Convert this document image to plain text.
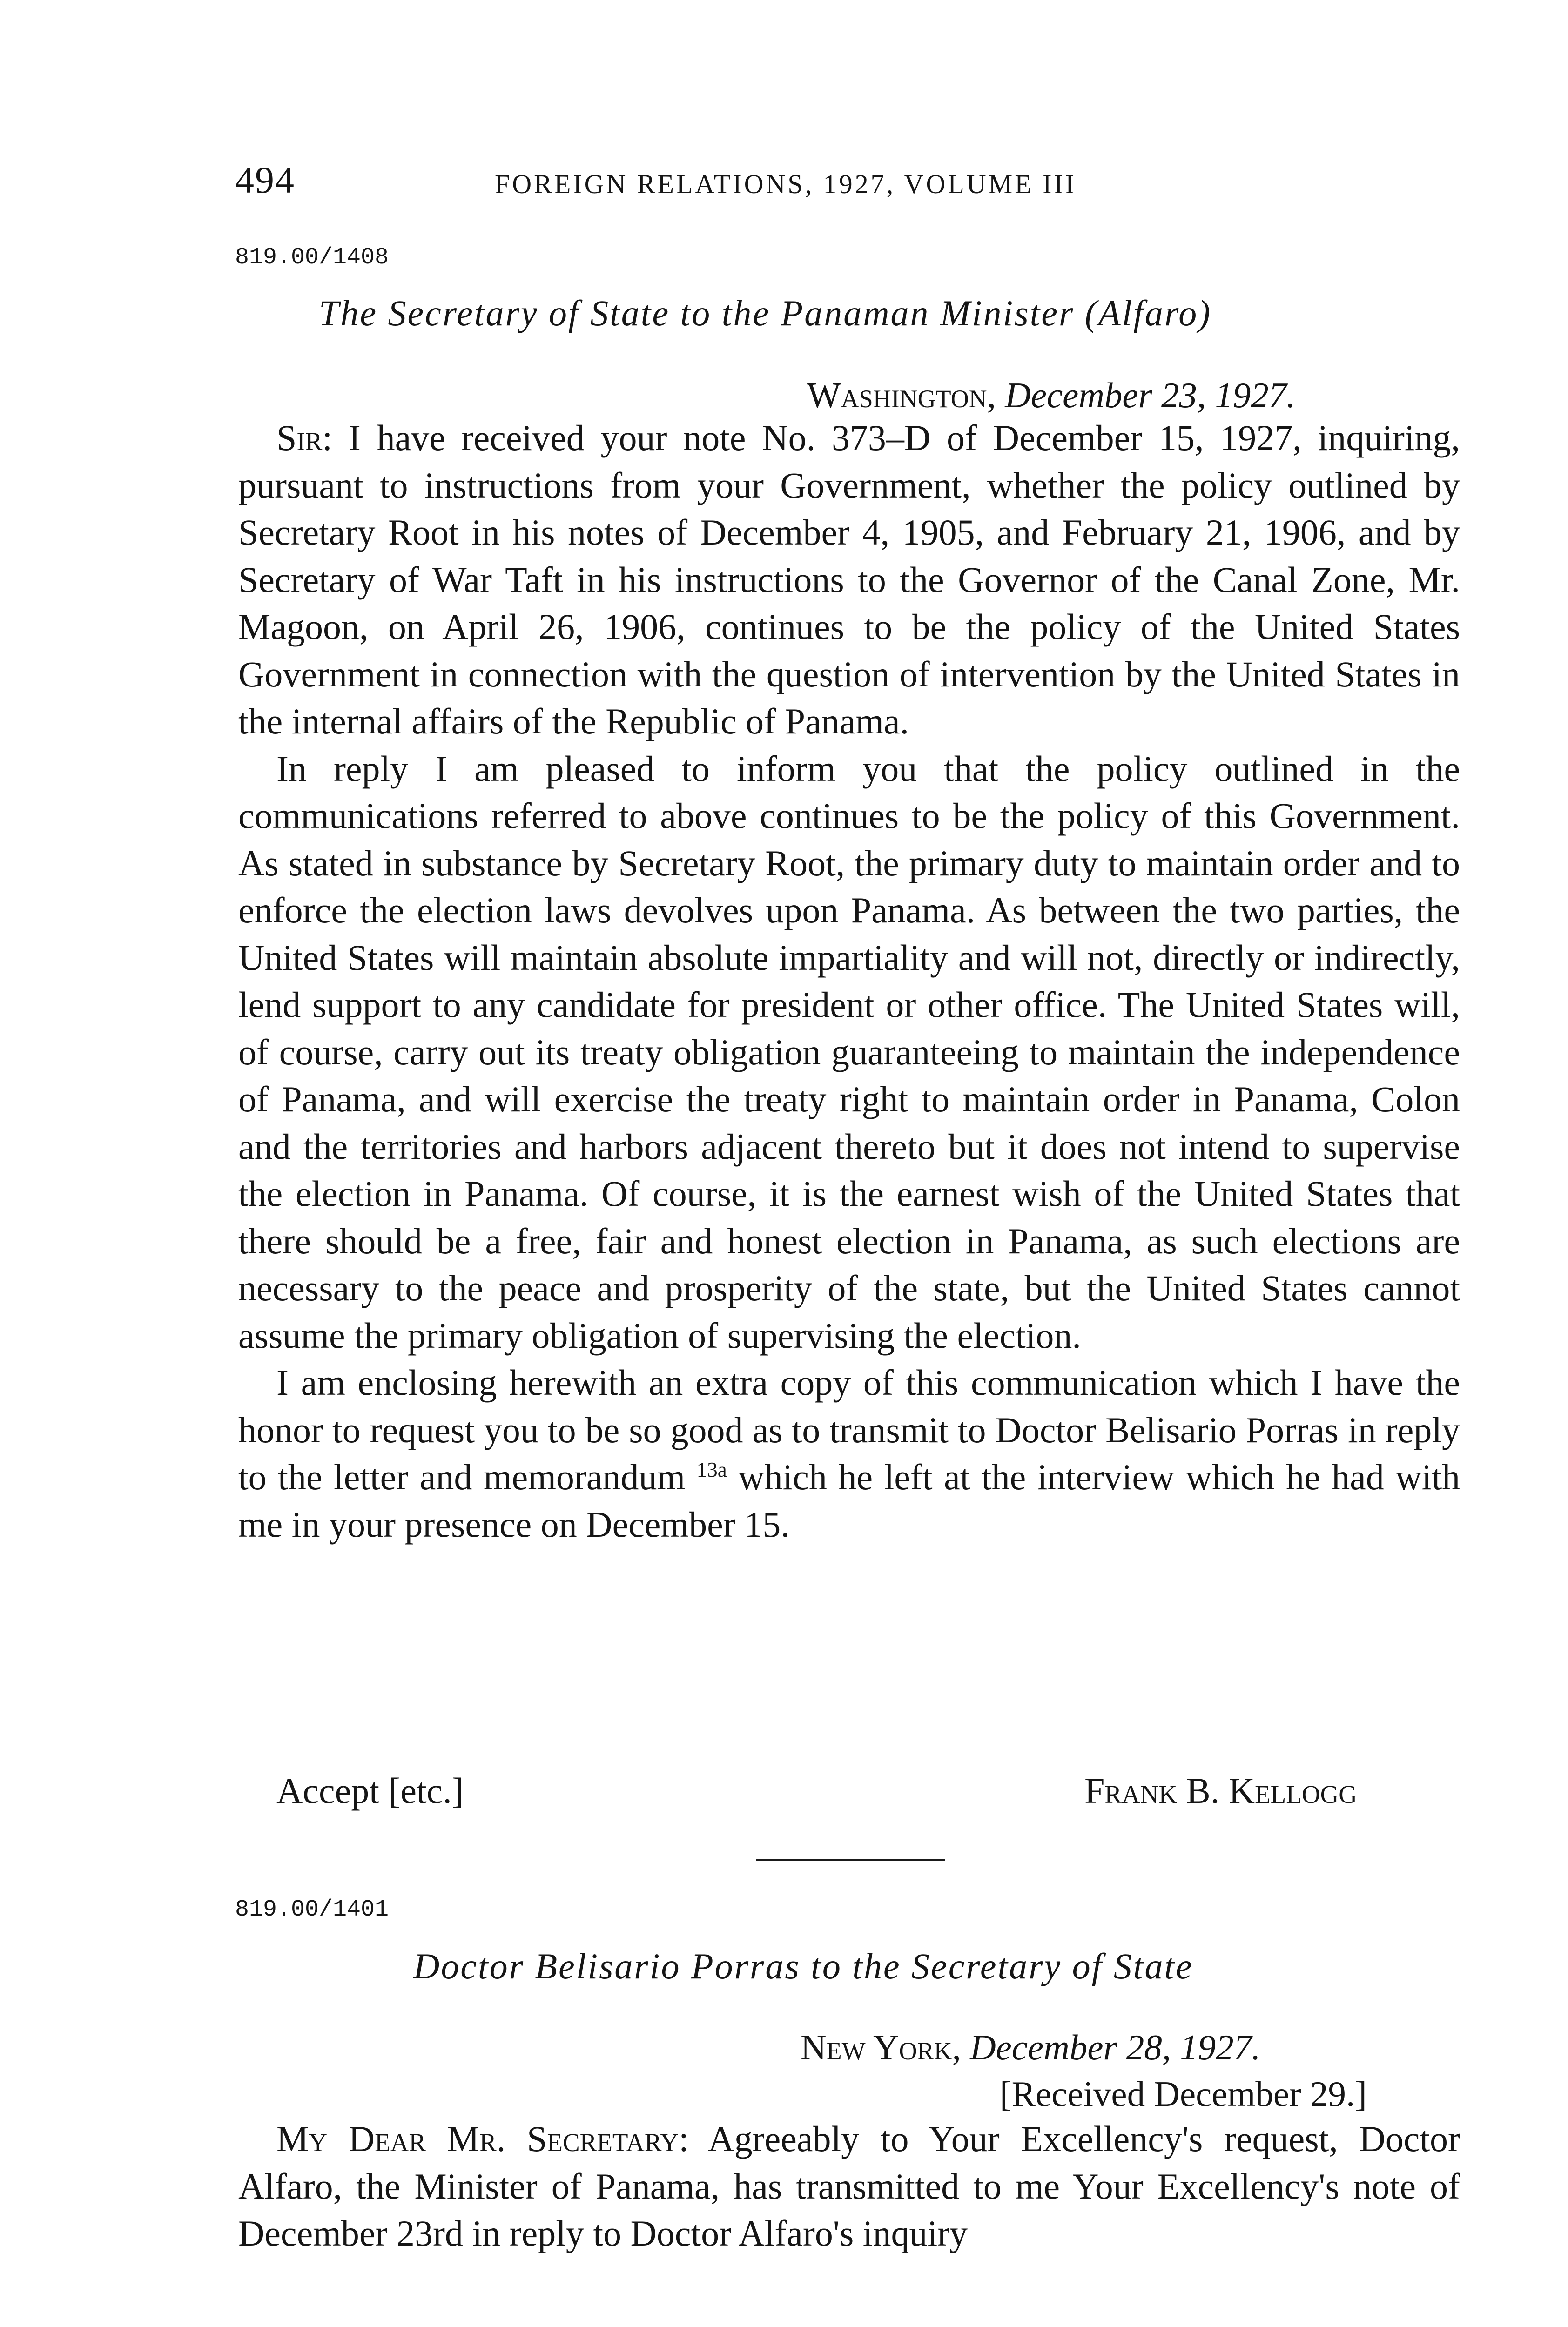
494	FOREIGN RELATIONS, 1927, VOLUME III
819.00/1408
The Secretary of State to the Panaman Minister (Alfaro)
Washington, December 23, 1927.

Sir: I have received your note No. 373–D of December 15, 1927, inquiring, pursuant to instructions from your Government, whether the policy outlined by Secretary Root in his notes of December 4, 1905, and February 21, 1906, and by Secretary of War Taft in his instructions to the Governor of the Canal Zone, Mr. Magoon, on April 26, 1906, continues to be the policy of the United States Government in connection with the question of intervention by the United States in the internal affairs of the Republic of Panama.

In reply I am pleased to inform you that the policy outlined in the communications referred to above continues to be the policy of this Government. As stated in substance by Secretary Root, the primary duty to maintain order and to enforce the election laws devolves upon Panama. As between the two parties, the United States will maintain absolute impartiality and will not, directly or indirectly, lend support to any candidate for president or other office. The United States will, of course, carry out its treaty obligation guaranteeing to maintain the independence of Panama, and will exercise the treaty right to maintain order in Panama, Colon and the territories and harbors adjacent thereto but it does not intend to supervise the election in Panama. Of course, it is the earnest wish of the United States that there should be a free, fair and honest election in Panama, as such elections are necessary to the peace and prosperity of the state, but the United States cannot assume the primary obligation of supervising the election.

I am enclosing herewith an extra copy of this communication which I have the honor to request you to be so good as to transmit to Doctor Belisario Porras in reply to the letter and memorandum $^{13a}$ which he left at the interview which he had with me in your presence on December 15.

Accept [etc.]	Frank B. Kellogg
819.00/1401
Doctor Belisario Porras to the Secretary of State
New York, December 28, 1927.
[Received December 29.]

My Dear Mr. Secretary: Agreeably to Your Excellency's request, Doctor Alfaro, the Minister of Panama, has transmitted to me Your Excellency's note of December 23rd in reply to Doctor Alfaro's inquiry
